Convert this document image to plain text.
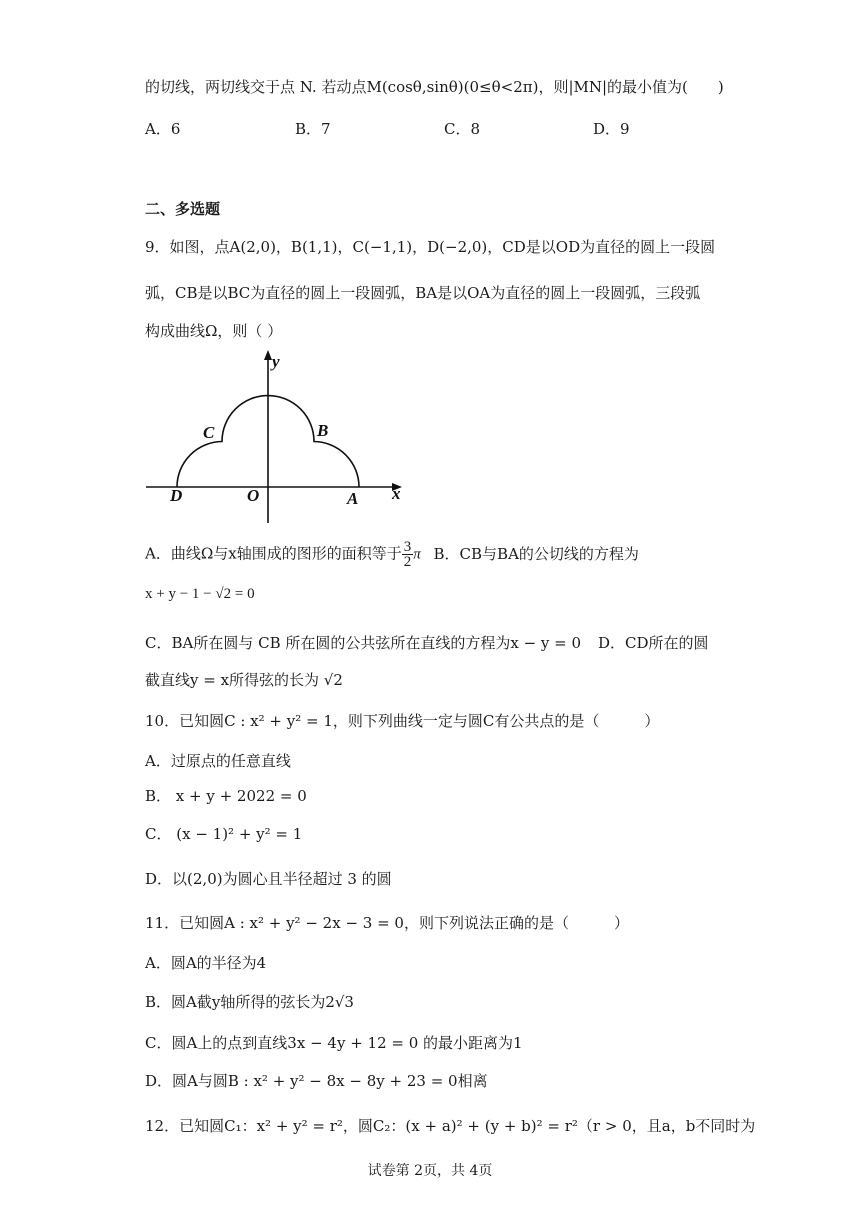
的切线，两切线交于点 N. 若动点M(cosθ,sinθ)(0≤θ<2π)，则|MN|的最小值为(　　)
A．6	B．7	C．8	D．9
二、多选题
9．如图，点A(2,0)，B(1,1)，C(−1,1)，D(−2,0)，CD是以OD为直径的圆上一段圆
弧，CB是以BC为直径的圆上一段圆弧，BA是以OA为直径的圆上一段圆弧，三段弧
构成曲线Ω，则（ ）
y
x
C	B
D	O	A
A．曲线Ω与x轴围成的图形的面积等于 $\frac{3}{2}$ π B．CB与BA的公切线的方程为
x + y − 1 − √2 = 0
C．BA所在圆与 CB 所在圆的公共弦所在直线的方程为x − y = 0 D．CD所在的圆
截直线y = x所得弦的长为 √2
10．已知圆C : x² + y² = 1，则下列曲线一定与圆C有公共点的是（　　　）
A．过原点的任意直线
B． x + y + 2022 = 0
C． (x − 1)² + y² = 1
D．以(2,0)为圆心且半径超过 3 的圆
11．已知圆A : x² + y² − 2x − 3 = 0，则下列说法正确的是（　　　）
A．圆A的半径为4
B．圆A截y轴所得的弦长为2√3
C．圆A上的点到直线3x − 4y + 12 = 0 的最小距离为1
D．圆A与圆B : x² + y² − 8x − 8y + 23 = 0相离
12．已知圆C₁：x² + y² = r²，圆C₂：(x + a)² + (y + b)² = r²（r > 0，且a，b不同时为
试卷第 2页，共 4页
